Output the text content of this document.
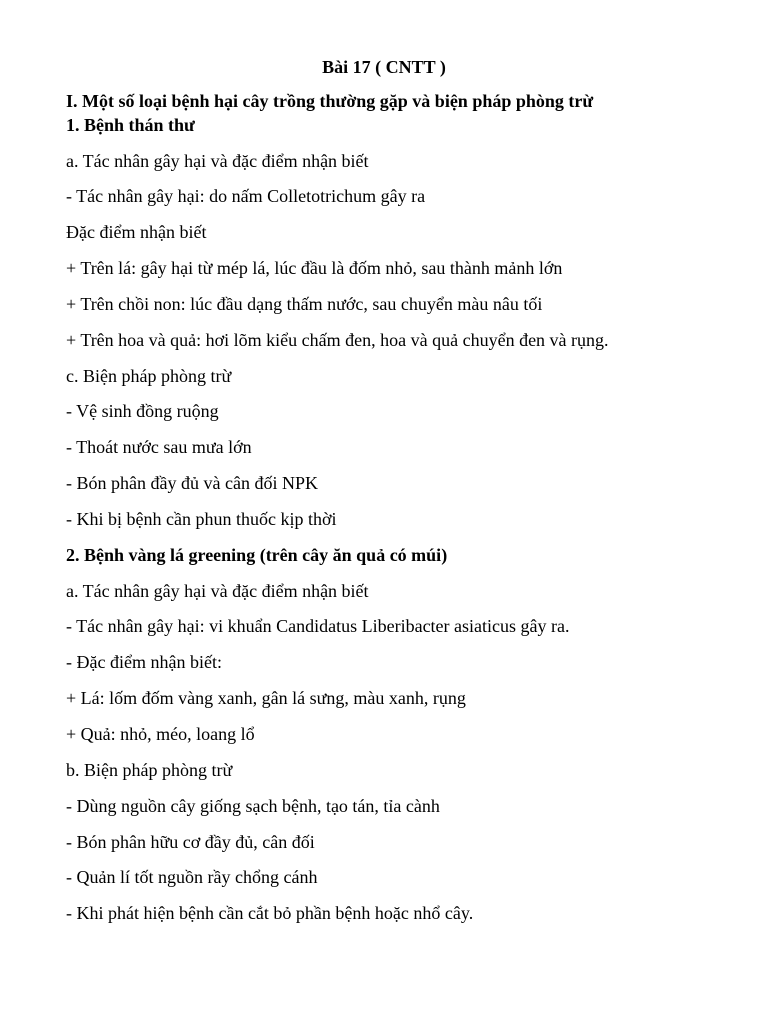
Bài 17 ( CNTT )
I. Một số loại bệnh hại cây trồng thường gặp và biện pháp phòng trừ
1. Bệnh thán thư
a. Tác nhân gây hại và đặc điểm nhận biết
- Tác nhân gây hại: do nấm Colletotrichum gây ra
Đặc điểm nhận biết
+ Trên lá: gây hại từ mép lá, lúc đầu là đốm nhỏ, sau thành mảnh lớn
+ Trên chồi non: lúc đầu dạng thấm nước, sau chuyển màu nâu tối
+ Trên hoa và quả: hơi lõm kiểu chấm đen, hoa và quả chuyển đen và rụng.
c. Biện pháp phòng trừ
- Vệ sinh đồng ruộng
- Thoát nước sau mưa lớn
- Bón phân đầy đủ và cân đối NPK
- Khi bị bệnh cần phun thuốc kịp thời
2. Bệnh vàng lá greening (trên cây ăn quả có múi)
a. Tác nhân gây hại và đặc điểm nhận biết
- Tác nhân gây hại: vi khuẩn Candidatus Liberibacter asiaticus gây ra.
- Đặc điểm nhận biết:
+ Lá: lốm đốm vàng xanh, gân lá sưng, màu xanh, rụng
+ Quả: nhỏ, méo, loang lổ
b. Biện pháp phòng trừ
- Dùng nguồn cây giống sạch bệnh, tạo tán, tỉa cành
- Bón phân hữu cơ đầy đủ, cân đối
- Quản lí tốt nguồn rầy chổng cánh
- Khi phát hiện bệnh cần cắt bỏ phần bệnh hoặc nhổ cây.
